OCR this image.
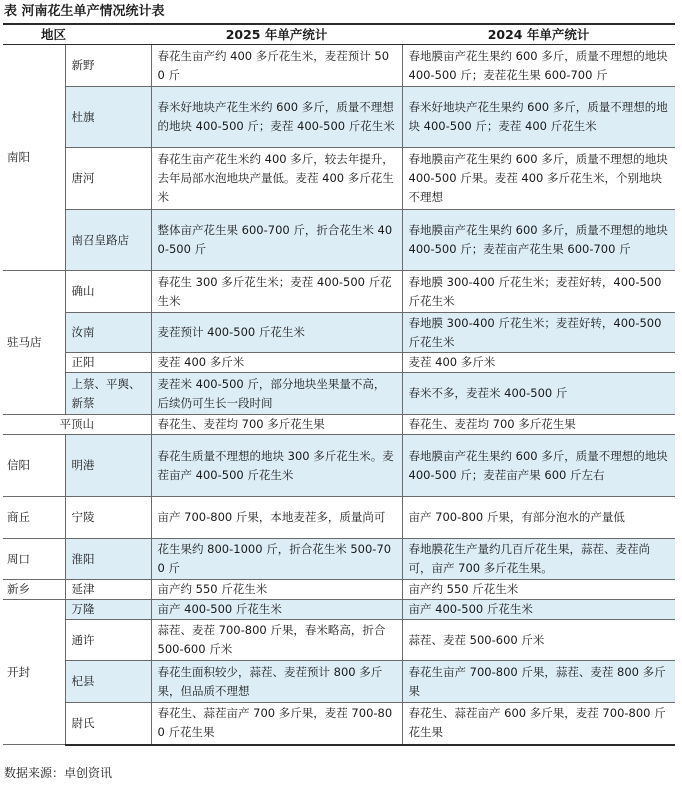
表 河南花生单产情况统计表
地区		2025 年单产统计	2024 年单产统计
南阳	新野	春花生亩产约 400 多斤花生米，麦茬预计 500 斤	春地膜亩产花生果约 600 多斤，质量不理想的地块 400-500 斤；麦茬花生果 600-700 斤
	杜旗	春米好地块产花生米约 600 多斤，质量不理想的地块 400-500 斤；麦茬 400-500 斤花生米	春米好地块产花生果约 600 多斤，质量不理想的地块 400-500 斤；麦茬 400 斤花生米
	唐河	春花生亩产花生米约 400 多斤，较去年提升，去年局部水泡地块产量低。麦茬 400 多斤花生米	春地膜亩产花生果约 600 多斤，质量不理想的地块 400-500 斤果。麦茬 400 多斤花生米，个别地块不理想
	南召皇路店	整体亩产花生果 600-700 斤，折合花生米 400-500 斤	春地膜亩产花生果约 600 多斤，质量不理想的地块 400-500 斤；麦茬亩产花生果 600-700 斤
驻马店	确山	春花生 300 多斤花生米；麦茬 400-500 斤花生米	春地膜 300-400 斤花生米；麦茬好转，400-500 斤花生米
	汝南	麦茬预计 400-500 斤花生米	春地膜 300-400 斤花生米；麦茬好转，400-500 斤花生米
	正阳	麦茬 400 多斤米	麦茬 400 多斤米
	上蔡、平舆、新蔡	麦茬米 400-500 斤，部分地块坐果量不高，后续仍可生长一段时间	春米不多，麦茬米 400-500 斤
平顶山		春花生、麦茬均 700 多斤花生果	春花生、麦茬均 700 多斤花生果
信阳	明港	春花生质量不理想的地块 300 多斤花生米。麦茬亩产 400-500 斤花生米	春地膜亩产花生果约 600 多斤，质量不理想的地块 400-500 斤；麦茬亩产果 600 斤左右
商丘	宁陵	亩产 700-800 斤果，本地麦茬多，质量尚可	亩产 700-800 斤果，有部分泡水的产量低
周口	淮阳	花生果约 800-1000 斤，折合花生米 500-700 斤	春地膜花生产量约几百斤花生果，蒜茬、麦茬尚可，亩产 700 多斤花生果。
新乡	延津	亩产约 550 斤花生米	亩产约 550 斤花生米
开封	万隆	亩产 400-500 斤花生米	亩产 400-500 斤花生米
	通许	蒜茬、麦茬 700-800 斤果，春米略高，折合 500-600 斤米	蒜茬、麦茬 500-600 斤米
	杞县	春花生面积较少，蒜茬、麦茬预计 800 多斤果，但品质不理想	春花生亩产 700-800 斤果，蒜茬、麦茬 800 多斤果
	尉氏	春花生、蒜茬亩产 700 多斤果，麦茬 700-800 斤花生果	春花生、蒜茬亩产 600 多斤果，麦茬 700-800 斤花生果
数据来源：卓创资讯
